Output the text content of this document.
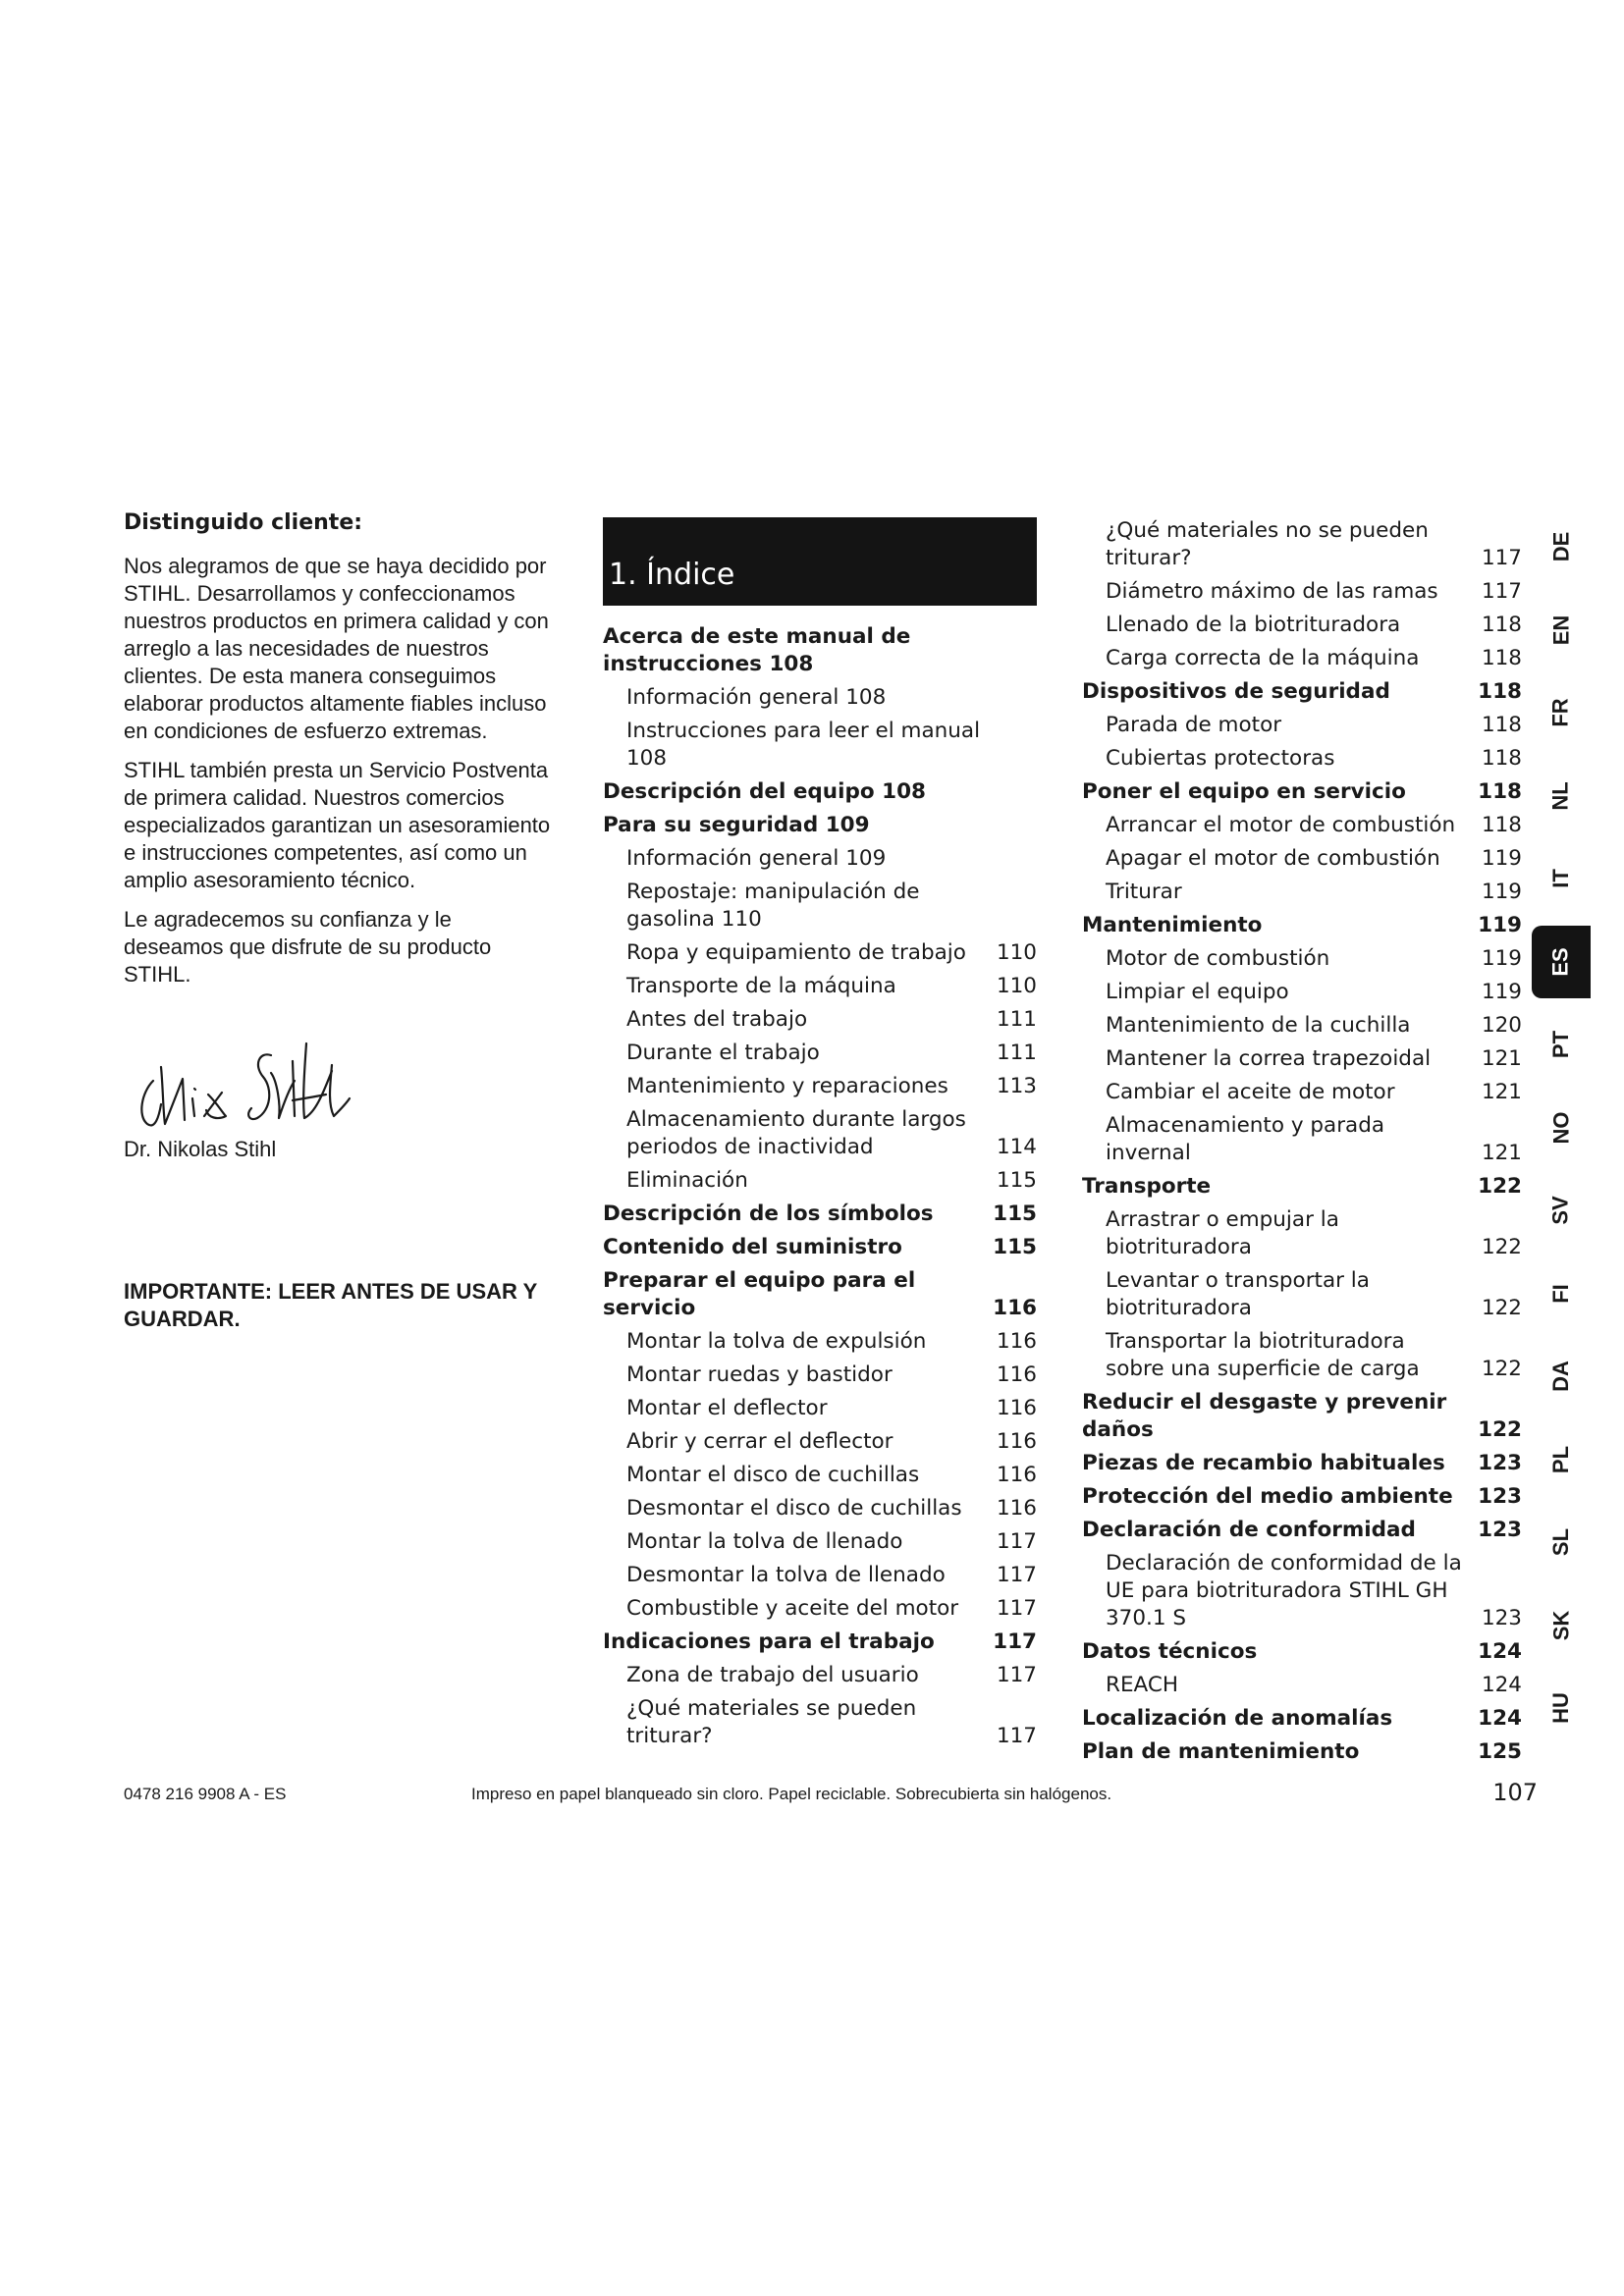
Distinguido cliente:

Nos alegramos de que se haya decidido por STIHL. Desarrollamos y confeccionamos nuestros productos en primera calidad y con arreglo a las necesidades de nuestros clientes. De esta manera conseguimos elaborar productos altamente fiables incluso en condiciones de esfuerzo extremas.

STIHL también presta un Servicio Postventa de primera calidad. Nuestros comercios especializados garantizan un asesoramiento e instrucciones competentes, así como un amplio asesoramiento técnico.

Le agradecemos su confianza y le deseamos que disfrute de su producto STIHL.

Dr. Nikolas Stihl

IMPORTANTE: LEER ANTES DE USAR Y GUARDAR.

1. Índice
Acerca de este manual de instrucciones 108
Información general 108
Instrucciones para leer el manual 108
Descripción del equipo 108
Para su seguridad 109
Información general 109
Repostaje: manipulación de gasolina 110
Ropa y equipamiento de trabajo	110
Transporte de la máquina	110
Antes del trabajo	111
Durante el trabajo	111
Mantenimiento y reparaciones	113
Almacenamiento durante largos periodos de inactividad	114
Eliminación	115
Descripción de los símbolos	115
Contenido del suministro	115
Preparar el equipo para el servicio	116
Montar la tolva de expulsión	116
Montar ruedas y bastidor	116
Montar el deflector	116
Abrir y cerrar el deflector	116
Montar el disco de cuchillas	116
Desmontar el disco de cuchillas	116
Montar la tolva de llenado	117
Desmontar la tolva de llenado	117
Combustible y aceite del motor	117
Indicaciones para el trabajo	117
Zona de trabajo del usuario	117
¿Qué materiales se pueden triturar?	117
¿Qué materiales no se pueden triturar?	117
Diámetro máximo de las ramas	117
Llenado de la biotrituradora	118
Carga correcta de la máquina	118
Dispositivos de seguridad	118
Parada de motor	118
Cubiertas protectoras	118
Poner el equipo en servicio	118
Arrancar el motor de combustión	118
Apagar el motor de combustión	119
Triturar	119
Mantenimiento	119
Motor de combustión	119
Limpiar el equipo	119
Mantenimiento de la cuchilla	120
Mantener la correa trapezoidal	121
Cambiar el aceite de motor	121
Almacenamiento y parada invernal	121
Transporte	122
Arrastrar o empujar la biotrituradora	122
Levantar o transportar la biotrituradora	122
Transportar la biotrituradora sobre una superficie de carga	122
Reducir el desgaste y prevenir daños	122
Piezas de recambio habituales	123
Protección del medio ambiente	123
Declaración de conformidad	123
Declaración de conformidad de la UE para biotrituradora STIHL GH 370.1 S	123
Datos técnicos	124
REACH	124
Localización de anomalías	124
Plan de mantenimiento	125
DE
EN
FR
NL
IT
ES
PT
NO
SV
FI
DA
PL
SL
SK
HU
0478 216 9908 A - ES	Impreso en papel blanqueado sin cloro. Papel reciclable. Sobrecubierta sin halógenos.	107
